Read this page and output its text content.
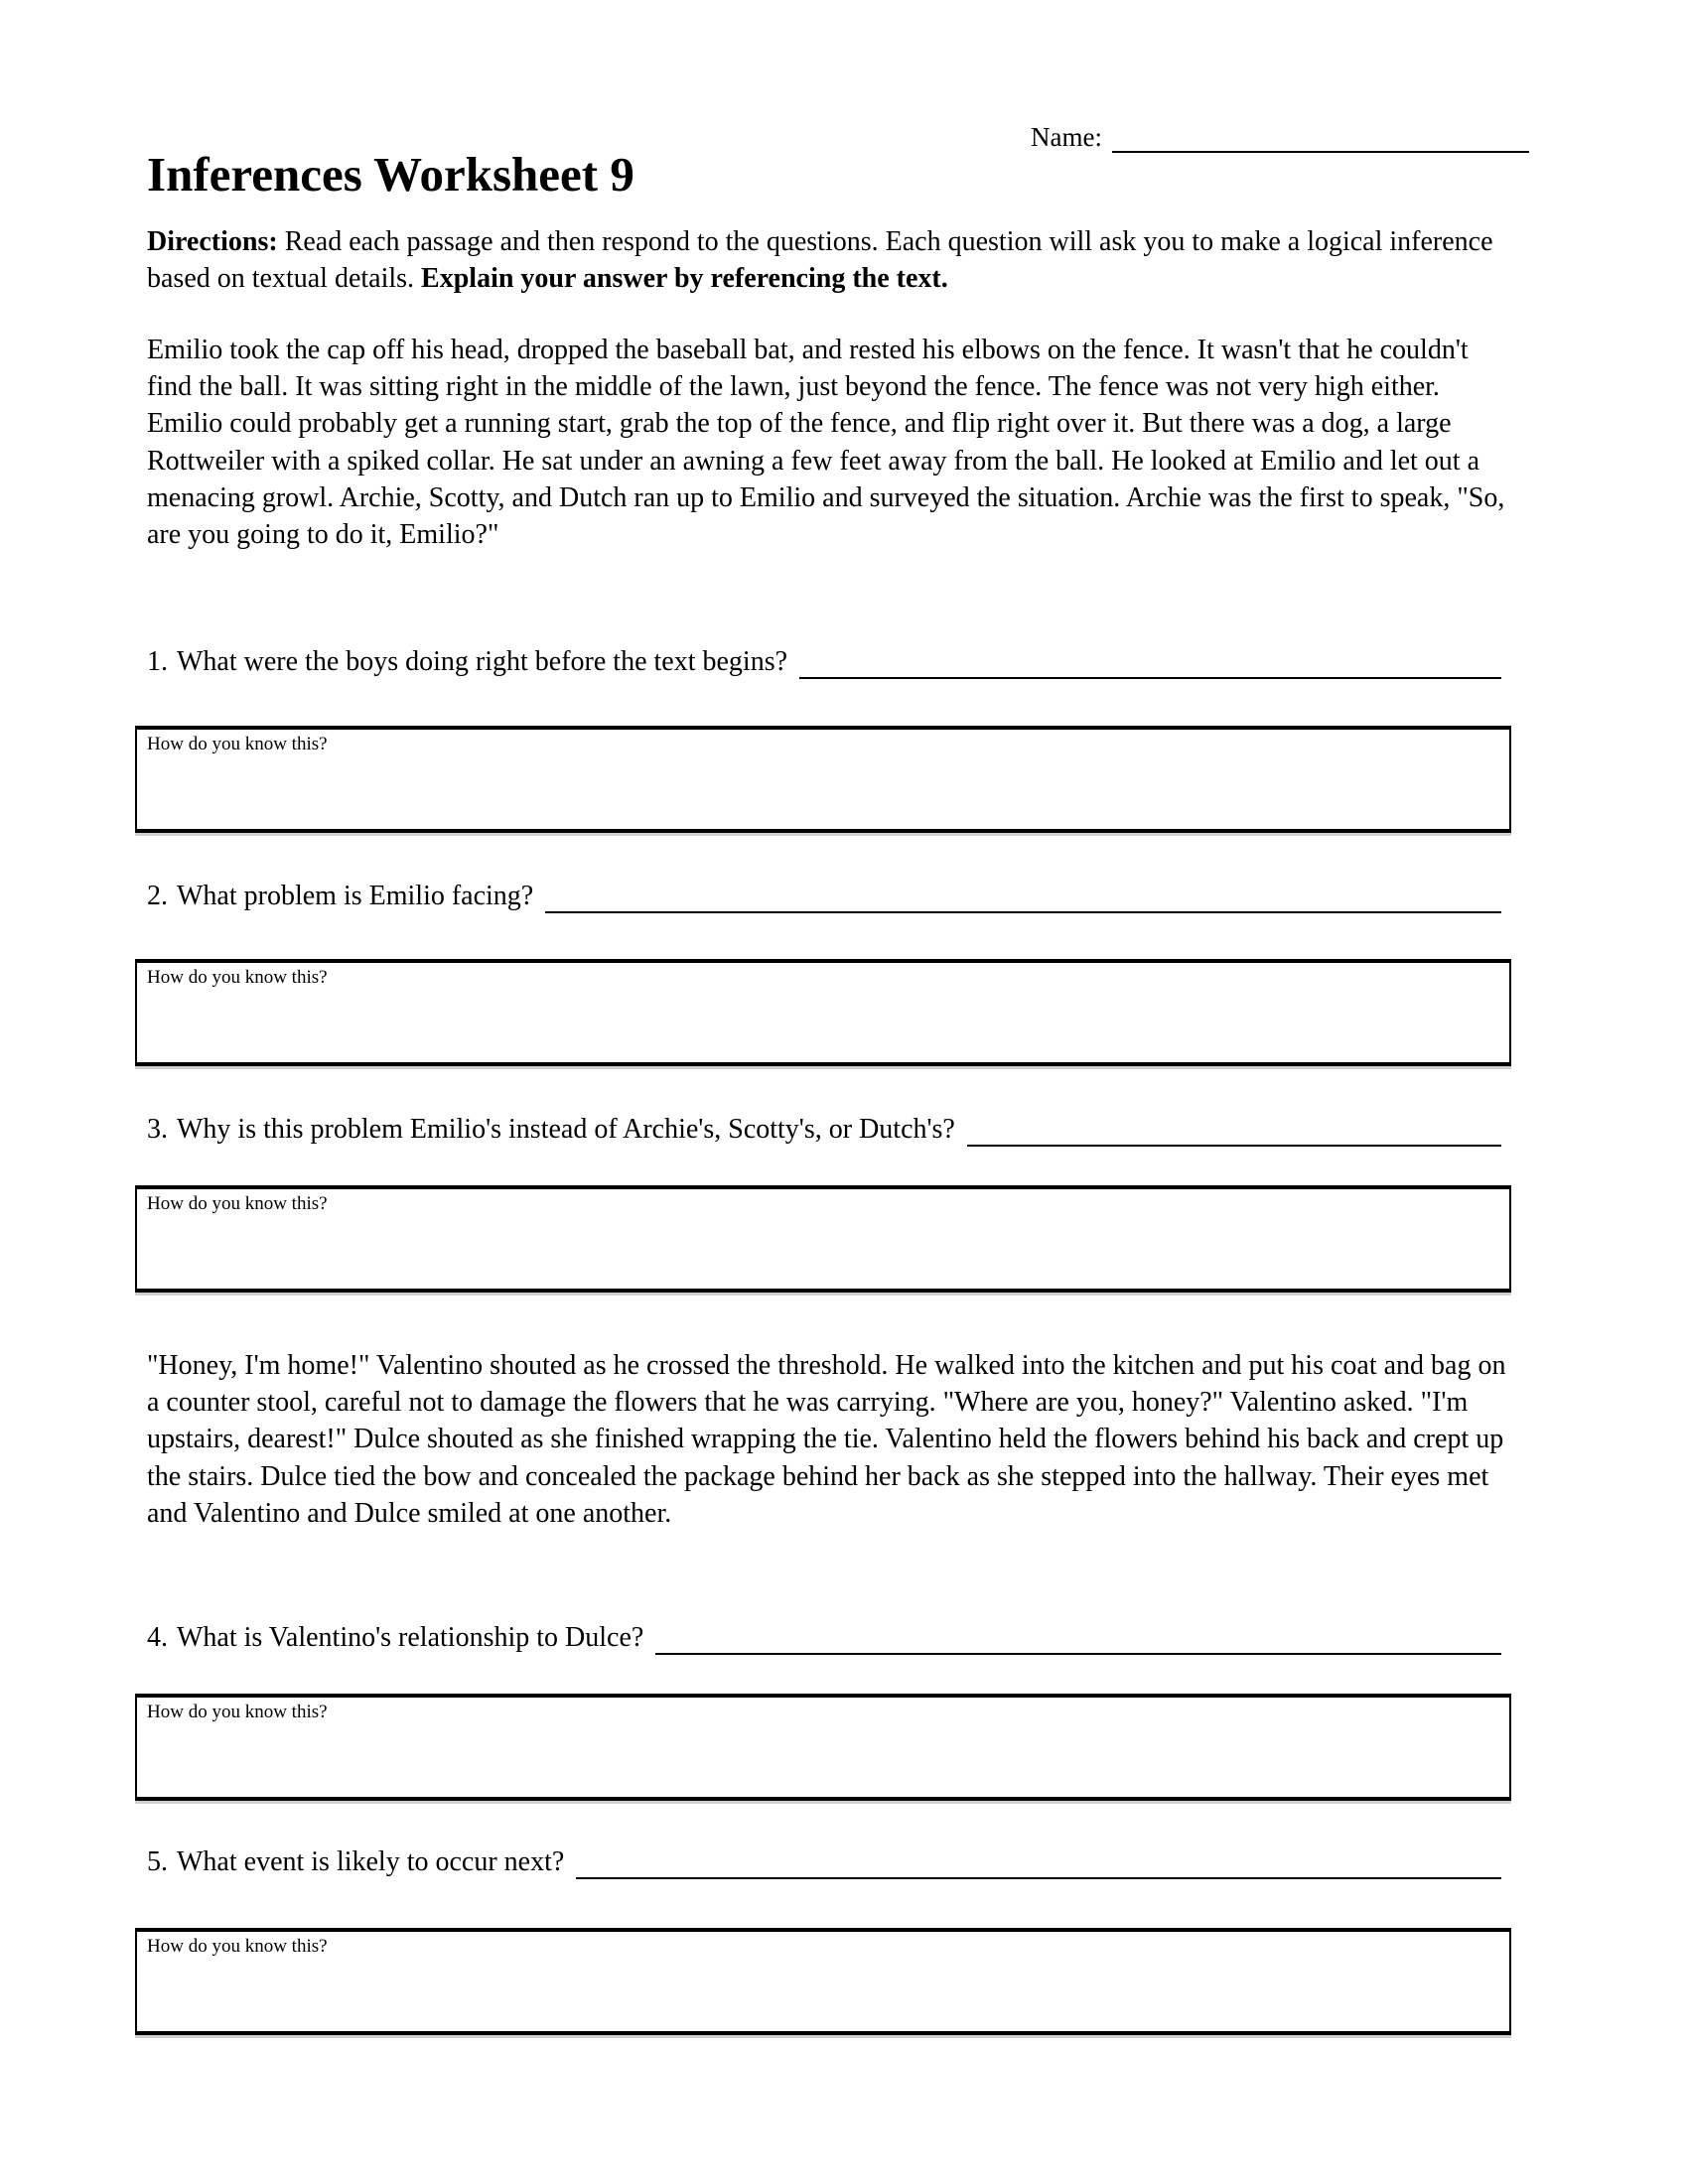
Name:
Inferences Worksheet 9

Directions: Read each passage and then respond to the questions. Each question will ask you to make a logical inference based on textual details. Explain your answer by referencing the text.

Emilio took the cap off his head, dropped the baseball bat, and rested his elbows on the fence. It wasn't that he couldn't find the ball. It was sitting right in the middle of the lawn, just beyond the fence. The fence was not very high either. Emilio could probably get a running start, grab the top of the fence, and flip right over it. But there was a dog, a large Rottweiler with a spiked collar. He sat under an awning a few feet away from the ball. He looked at Emilio and let out a menacing growl. Archie, Scotty, and Dutch ran up to Emilio and surveyed the situation. Archie was the first to speak, "So, are you going to do it, Emilio?"

1. What were the boys doing right before the text begins?
How do you know this?
2. What problem is Emilio facing?
How do you know this?
3. Why is this problem Emilio's instead of Archie's, Scotty's, or Dutch's?
How do you know this?

"Honey, I'm home!" Valentino shouted as he crossed the threshold. He walked into the kitchen and put his coat and bag on a counter stool, careful not to damage the flowers that he was carrying. "Where are you, honey?" Valentino asked. "I'm upstairs, dearest!" Dulce shouted as she finished wrapping the tie. Valentino held the flowers behind his back and crept up the stairs. Dulce tied the bow and concealed the package behind her back as she stepped into the hallway. Their eyes met and Valentino and Dulce smiled at one another.

4. What is Valentino's relationship to Dulce?
How do you know this?
5. What event is likely to occur next?
How do you know this?
